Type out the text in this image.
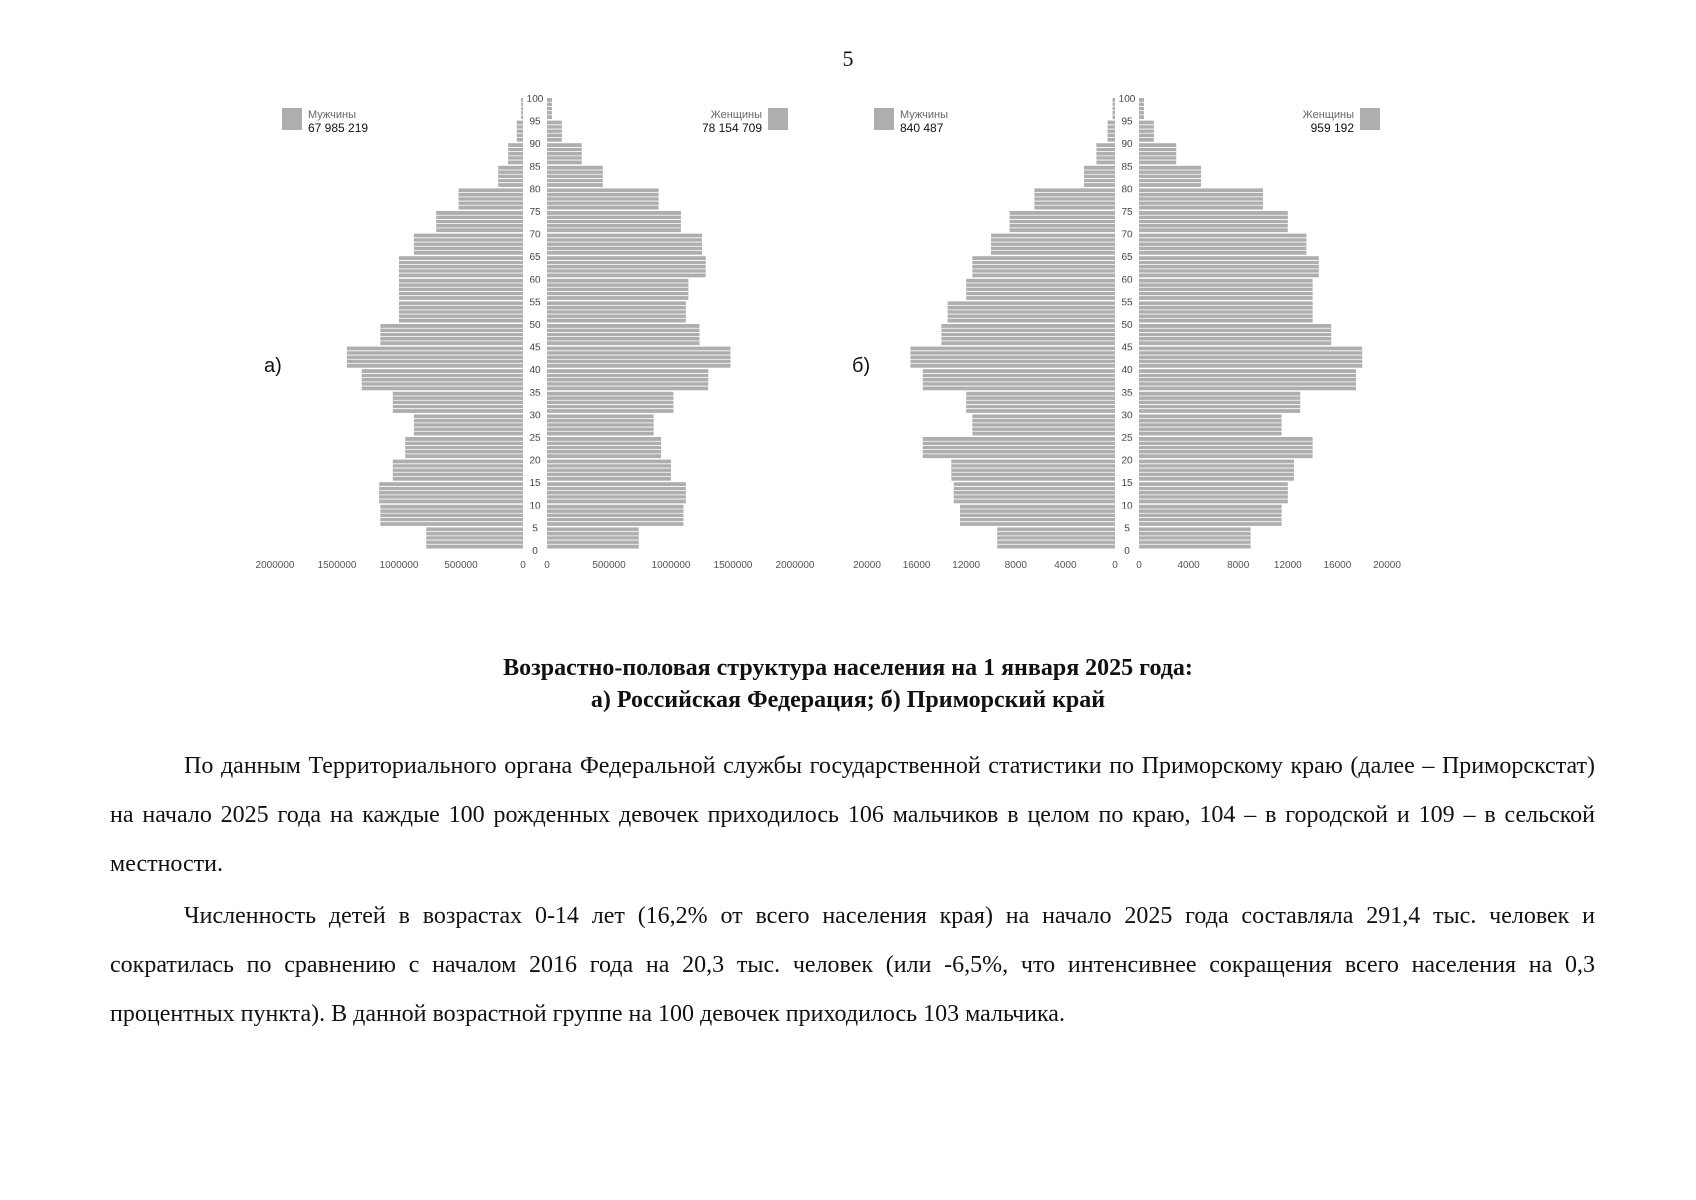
5
0
5
10
15
20
25
30
35
40
45
50
55
60
65
70
75
80
85
90
95
100
2000000 1500000 1000000	500000	0 0	500000	1000000 1500000 2000000
Мужчины
67 985 219
Женщины
78 154 709
0
5
10
15
20
25
30
35
40
45
50
55
60
65
70
75
80
85
90
95
100
20000 16000 12000 8000	4000	0 0	4000	8000 12000 16000 20000
Мужчины
840 487
Женщины
959 192
а)	б)
Возрастно-половая структура населения на 1 января 2025 года:
а) Российская Федерация; б) Приморский край

По данным Территориального органа Федеральной службы государственной статистики по Приморскому краю (далее – Приморскстат) на начало 2025 года на каждые 100 рожденных девочек приходилось 106 мальчиков в целом по краю, 104 – в городской и 109 – в сельской местности.

Численность детей в возрастах 0-14 лет (16,2% от всего населения края) на начало 2025 года составляла 291,4 тыс. человек и сократилась по сравнению с началом 2016 года на 20,3 тыс. человек (или -6,5%, что интенсивнее сокращения всего населения на 0,3 процентных пункта). В данной возрастной группе на 100 девочек приходилось 103 мальчика.
